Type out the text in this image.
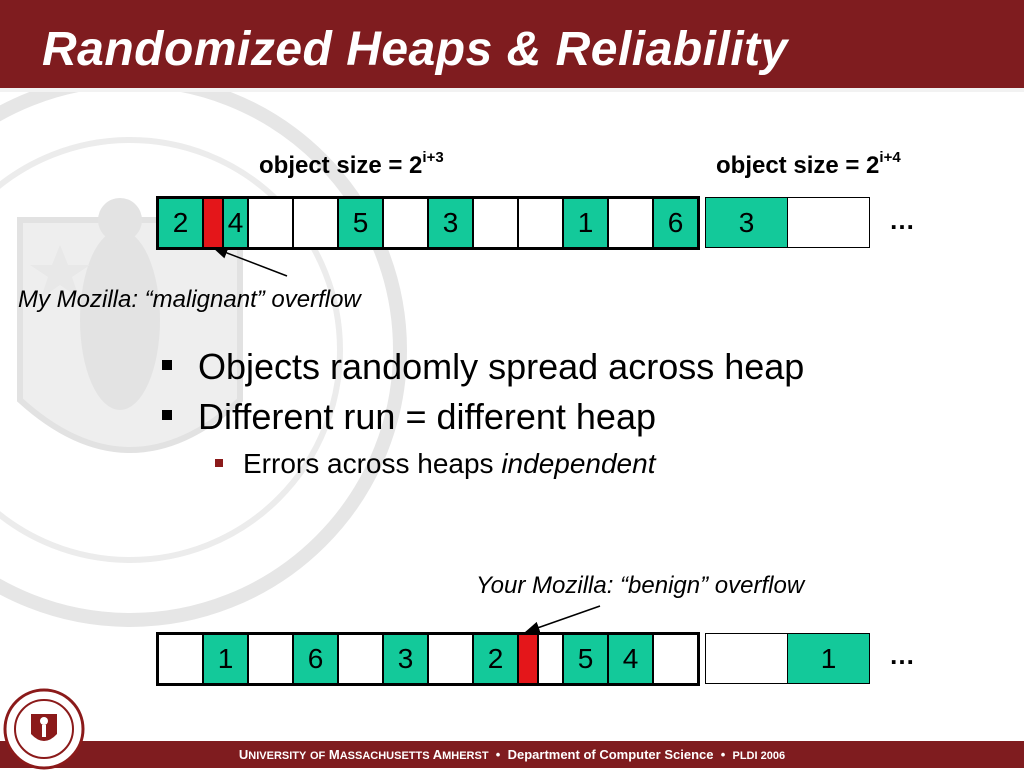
Randomized Heaps & Reliability
object size = $2^{i+3}$	object size = $2^{i+4}$
2	4	5	3	1	6	3	…
My Mozilla: “malignant” overflow
Objects randomly spread across heap
Different run = different heap
Errors across heaps independent
Your Mozilla: “benign” overflow
1	6	3	2	5	4	1	…
UNIVERSITY OF MASSACHUSETTS AMHERST • Department of Computer Science • PLDI 2006
